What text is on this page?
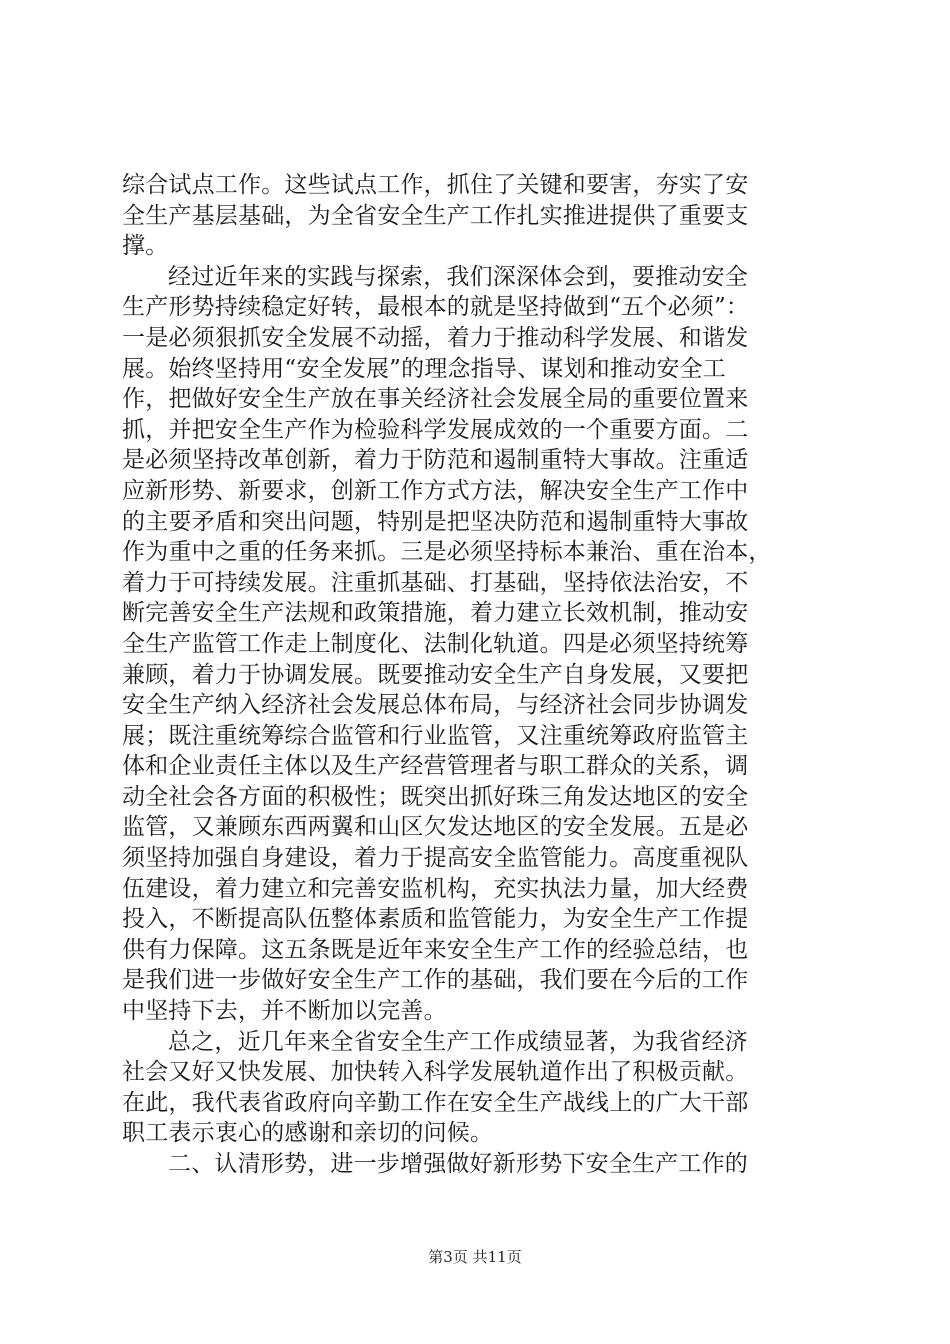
综合试点工作。这些试点工作，抓住了关键和要害，夯实了安
全生产基层基础，为全省安全生产工作扎实推进提供了重要支
撑。
经过近年来的实践与探索，我们深深体会到，要推动安全
生产形势持续稳定好转，最根本的就是坚持做到“五个必须”：
一是必须狠抓安全发展不动摇，着力于推动科学发展、和谐发
展。始终坚持用“安全发展”的理念指导、谋划和推动安全工
作，把做好安全生产放在事关经济社会发展全局的重要位置来
抓，并把安全生产作为检验科学发展成效的一个重要方面。二
是必须坚持改革创新，着力于防范和遏制重特大事故。注重适
应新形势、新要求，创新工作方式方法，解决安全生产工作中
的主要矛盾和突出问题，特别是把坚决防范和遏制重特大事故
作为重中之重的任务来抓。三是必须坚持标本兼治、重在治本，
着力于可持续发展。注重抓基础、打基础，坚持依法治安，不
断完善安全生产法规和政策措施，着力建立长效机制，推动安
全生产监管工作走上制度化、法制化轨道。四是必须坚持统筹
兼顾，着力于协调发展。既要推动安全生产自身发展，又要把
安全生产纳入经济社会发展总体布局，与经济社会同步协调发
展；既注重统筹综合监管和行业监管，又注重统筹政府监管主
体和企业责任主体以及生产经营管理者与职工群众的关系，调
动全社会各方面的积极性；既突出抓好珠三角发达地区的安全
监管，又兼顾东西两翼和山区欠发达地区的安全发展。五是必
须坚持加强自身建设，着力于提高安全监管能力。高度重视队
伍建设，着力建立和完善安监机构，充实执法力量，加大经费
投入，不断提高队伍整体素质和监管能力，为安全生产工作提
供有力保障。这五条既是近年来安全生产工作的经验总结，也
是我们进一步做好安全生产工作的基础，我们要在今后的工作
中坚持下去，并不断加以完善。
总之，近几年来全省安全生产工作成绩显著，为我省经济
社会又好又快发展、加快转入科学发展轨道作出了积极贡献。
在此，我代表省政府向辛勤工作在安全生产战线上的广大干部
职工表示衷心的感谢和亲切的问候。
二、认清形势，进一步增强做好新形势下安全生产工作的
第3页 共11页
